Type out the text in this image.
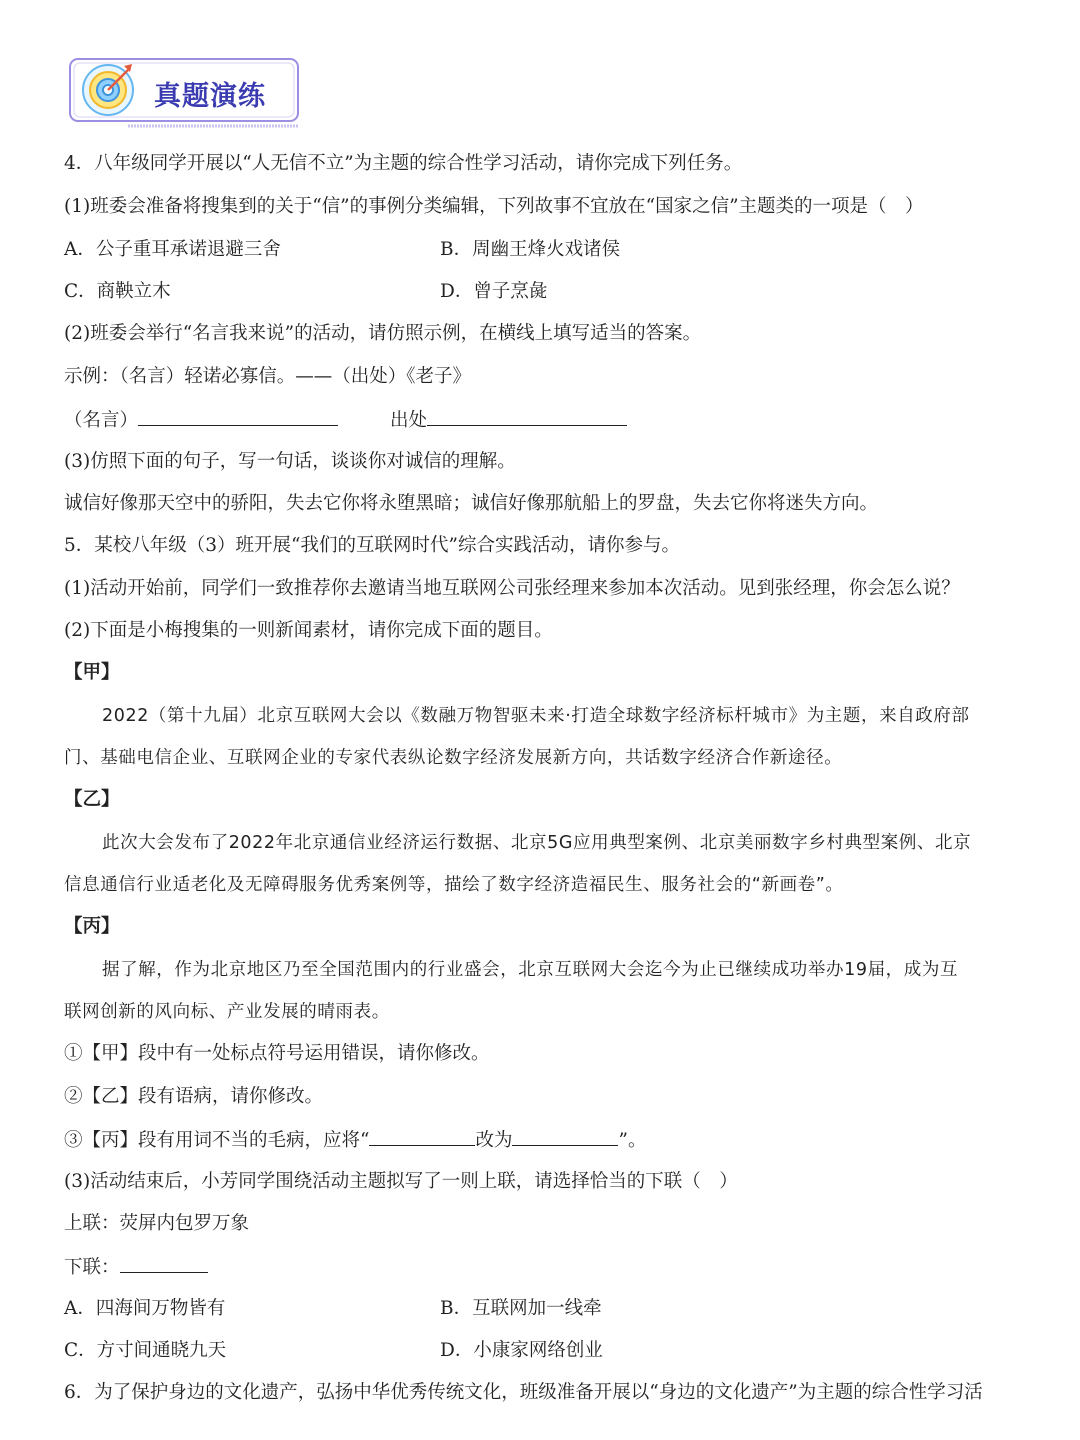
真题演练
4．八年级同学开展以“人无信不立”为主题的综合性学习活动，请你完成下列任务。
(1)班委会准备将搜集到的关于“信”的事例分类编辑，下列故事不宜放在“国家之信”主题类的一项是（　）
A．公子重耳承诺退避三舍	B．周幽王烽火戏诸侯
C．商鞅立木	D．曾子烹彘
(2)班委会举行“名言我来说”的活动，请仿照示例，在横线上填写适当的答案。
示例：（名言）轻诺必寡信。——（出处）《老子》
（名言）	出处
(3)仿照下面的句子，写一句话，谈谈你对诚信的理解。
诚信好像那天空中的骄阳，失去它你将永堕黑暗；诚信好像那航船上的罗盘，失去它你将迷失方向。
5．某校八年级（3）班开展“我们的互联网时代”综合实践活动，请你参与。
(1)活动开始前，同学们一致推荐你去邀请当地互联网公司张经理来参加本次活动。见到张经理，你会怎么说？
(2)下面是小梅搜集的一则新闻素材，请你完成下面的题目。
【甲】
2022（第十九届）北京互联网大会以《数融万物智驱未来·打造全球数字经济标杆城市》为主题，来自政府部
门、基础电信企业、互联网企业的专家代表纵论数字经济发展新方向，共话数字经济合作新途径。
【乙】
此次大会发布了2022年北京通信业经济运行数据、北京5G应用典型案例、北京美丽数字乡村典型案例、北京
信息通信行业适老化及无障碍服务优秀案例等，描绘了数字经济造福民生、服务社会的“新画卷”。
【丙】
据了解，作为北京地区乃至全国范围内的行业盛会，北京互联网大会迄今为止已继续成功举办19届，成为互
联网创新的风向标、产业发展的晴雨表。
①【甲】段中有一处标点符号运用错误，请你修改。
②【乙】段有语病，请你修改。
③【丙】段有用词不当的毛病，应将“	改为	”。
(3)活动结束后，小芳同学围绕活动主题拟写了一则上联，请选择恰当的下联（　）
上联：荧屏内包罗万象
下联：
A．四海间万物皆有	B．互联网加一线牵
C．方寸间通晓九天	D．小康家网络创业
6．为了保护身边的文化遗产，弘扬中华优秀传统文化，班级准备开展以“身边的文化遗产”为主题的综合性学习活
